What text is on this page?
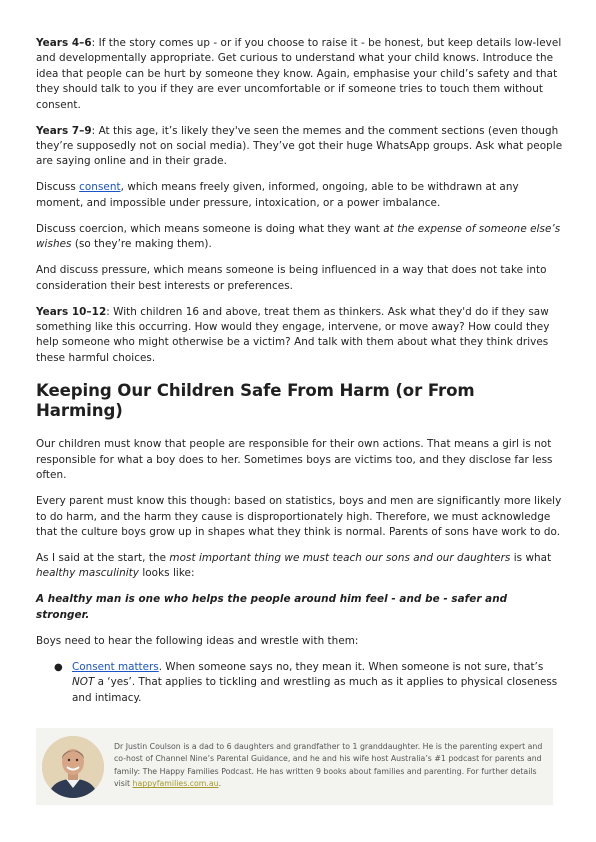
Years 4–6: If the story comes up - or if you choose to raise it - be honest, but keep details low-level and developmentally appropriate. Get curious to understand what your child knows. Introduce the idea that people can be hurt by someone they know. Again, emphasise your child’s safety and that they should talk to you if they are ever uncomfortable or if someone tries to touch them without consent.

Years 7–9: At this age, it’s likely they've seen the memes and the comment sections (even though they’re supposedly not on social media). They’ve got their huge WhatsApp groups. Ask what people are saying online and in their grade.

Discuss consent, which means freely given, informed, ongoing, able to be withdrawn at any moment, and impossible under pressure, intoxication, or a power imbalance.

Discuss coercion, which means someone is doing what they want at the expense of someone else’s wishes (so they’re making them).

And discuss pressure, which means someone is being influenced in a way that does not take into consideration their best interests or preferences.

Years 10–12: With children 16 and above, treat them as thinkers. Ask what they'd do if they saw something like this occurring. How would they engage, intervene, or move away? How could they help someone who might otherwise be a victim? And talk with them about what they think drives these harmful choices.

Keeping Our Children Safe From Harm (or From Harming)

Our children must know that people are responsible for their own actions. That means a girl is not responsible for what a boy does to her. Sometimes boys are victims too, and they disclose far less often.

Every parent must know this though: based on statistics, boys and men are significantly more likely to do harm, and the harm they cause is disproportionately high. Therefore, we must acknowledge that the culture boys grow up in shapes what they think is normal. Parents of sons have work to do.

As I said at the start, the most important thing we must teach our sons and our daughters is what healthy masculinity looks like:

A healthy man is one who helps the people around him feel - and be - safer and stronger.

Boys need to hear the following ideas and wrestle with them:

● Consent matters. When someone says no, they mean it. When someone is not sure, that’s NOT a ‘yes’. That applies to tickling and wrestling as much as it applies to physical closeness and intimacy.
Dr Justin Coulson is a dad to 6 daughters and grandfather to 1 granddaughter. He is the parenting expert and co-host of Channel Nine’s Parental Guidance, and he and his wife host Australia’s #1 podcast for parents and family: The Happy Families Podcast. He has written 9 books about families and parenting. For further details visit happyfamilies.com.au.
